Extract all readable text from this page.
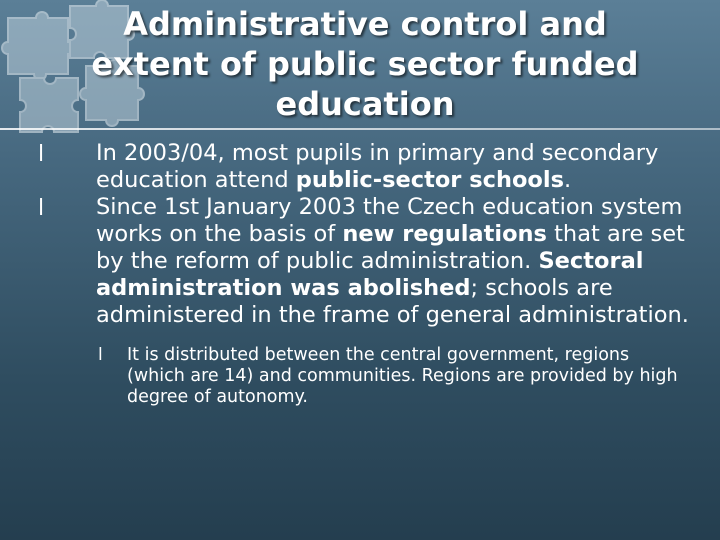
Administrative control and
extent of public sector funded
education
l In 2003/04, most pupils in primary and secondary education attend public-sector schools.
l Since 1st January 2003 the Czech education system works on the basis of new regulations that are set by the reform of public administration. Sectoral administration was abolished; schools are administered in the frame of general administration.
l It is distributed between the central government, regions (which are 14) and communities. Regions are provided by high degree of autonomy.
